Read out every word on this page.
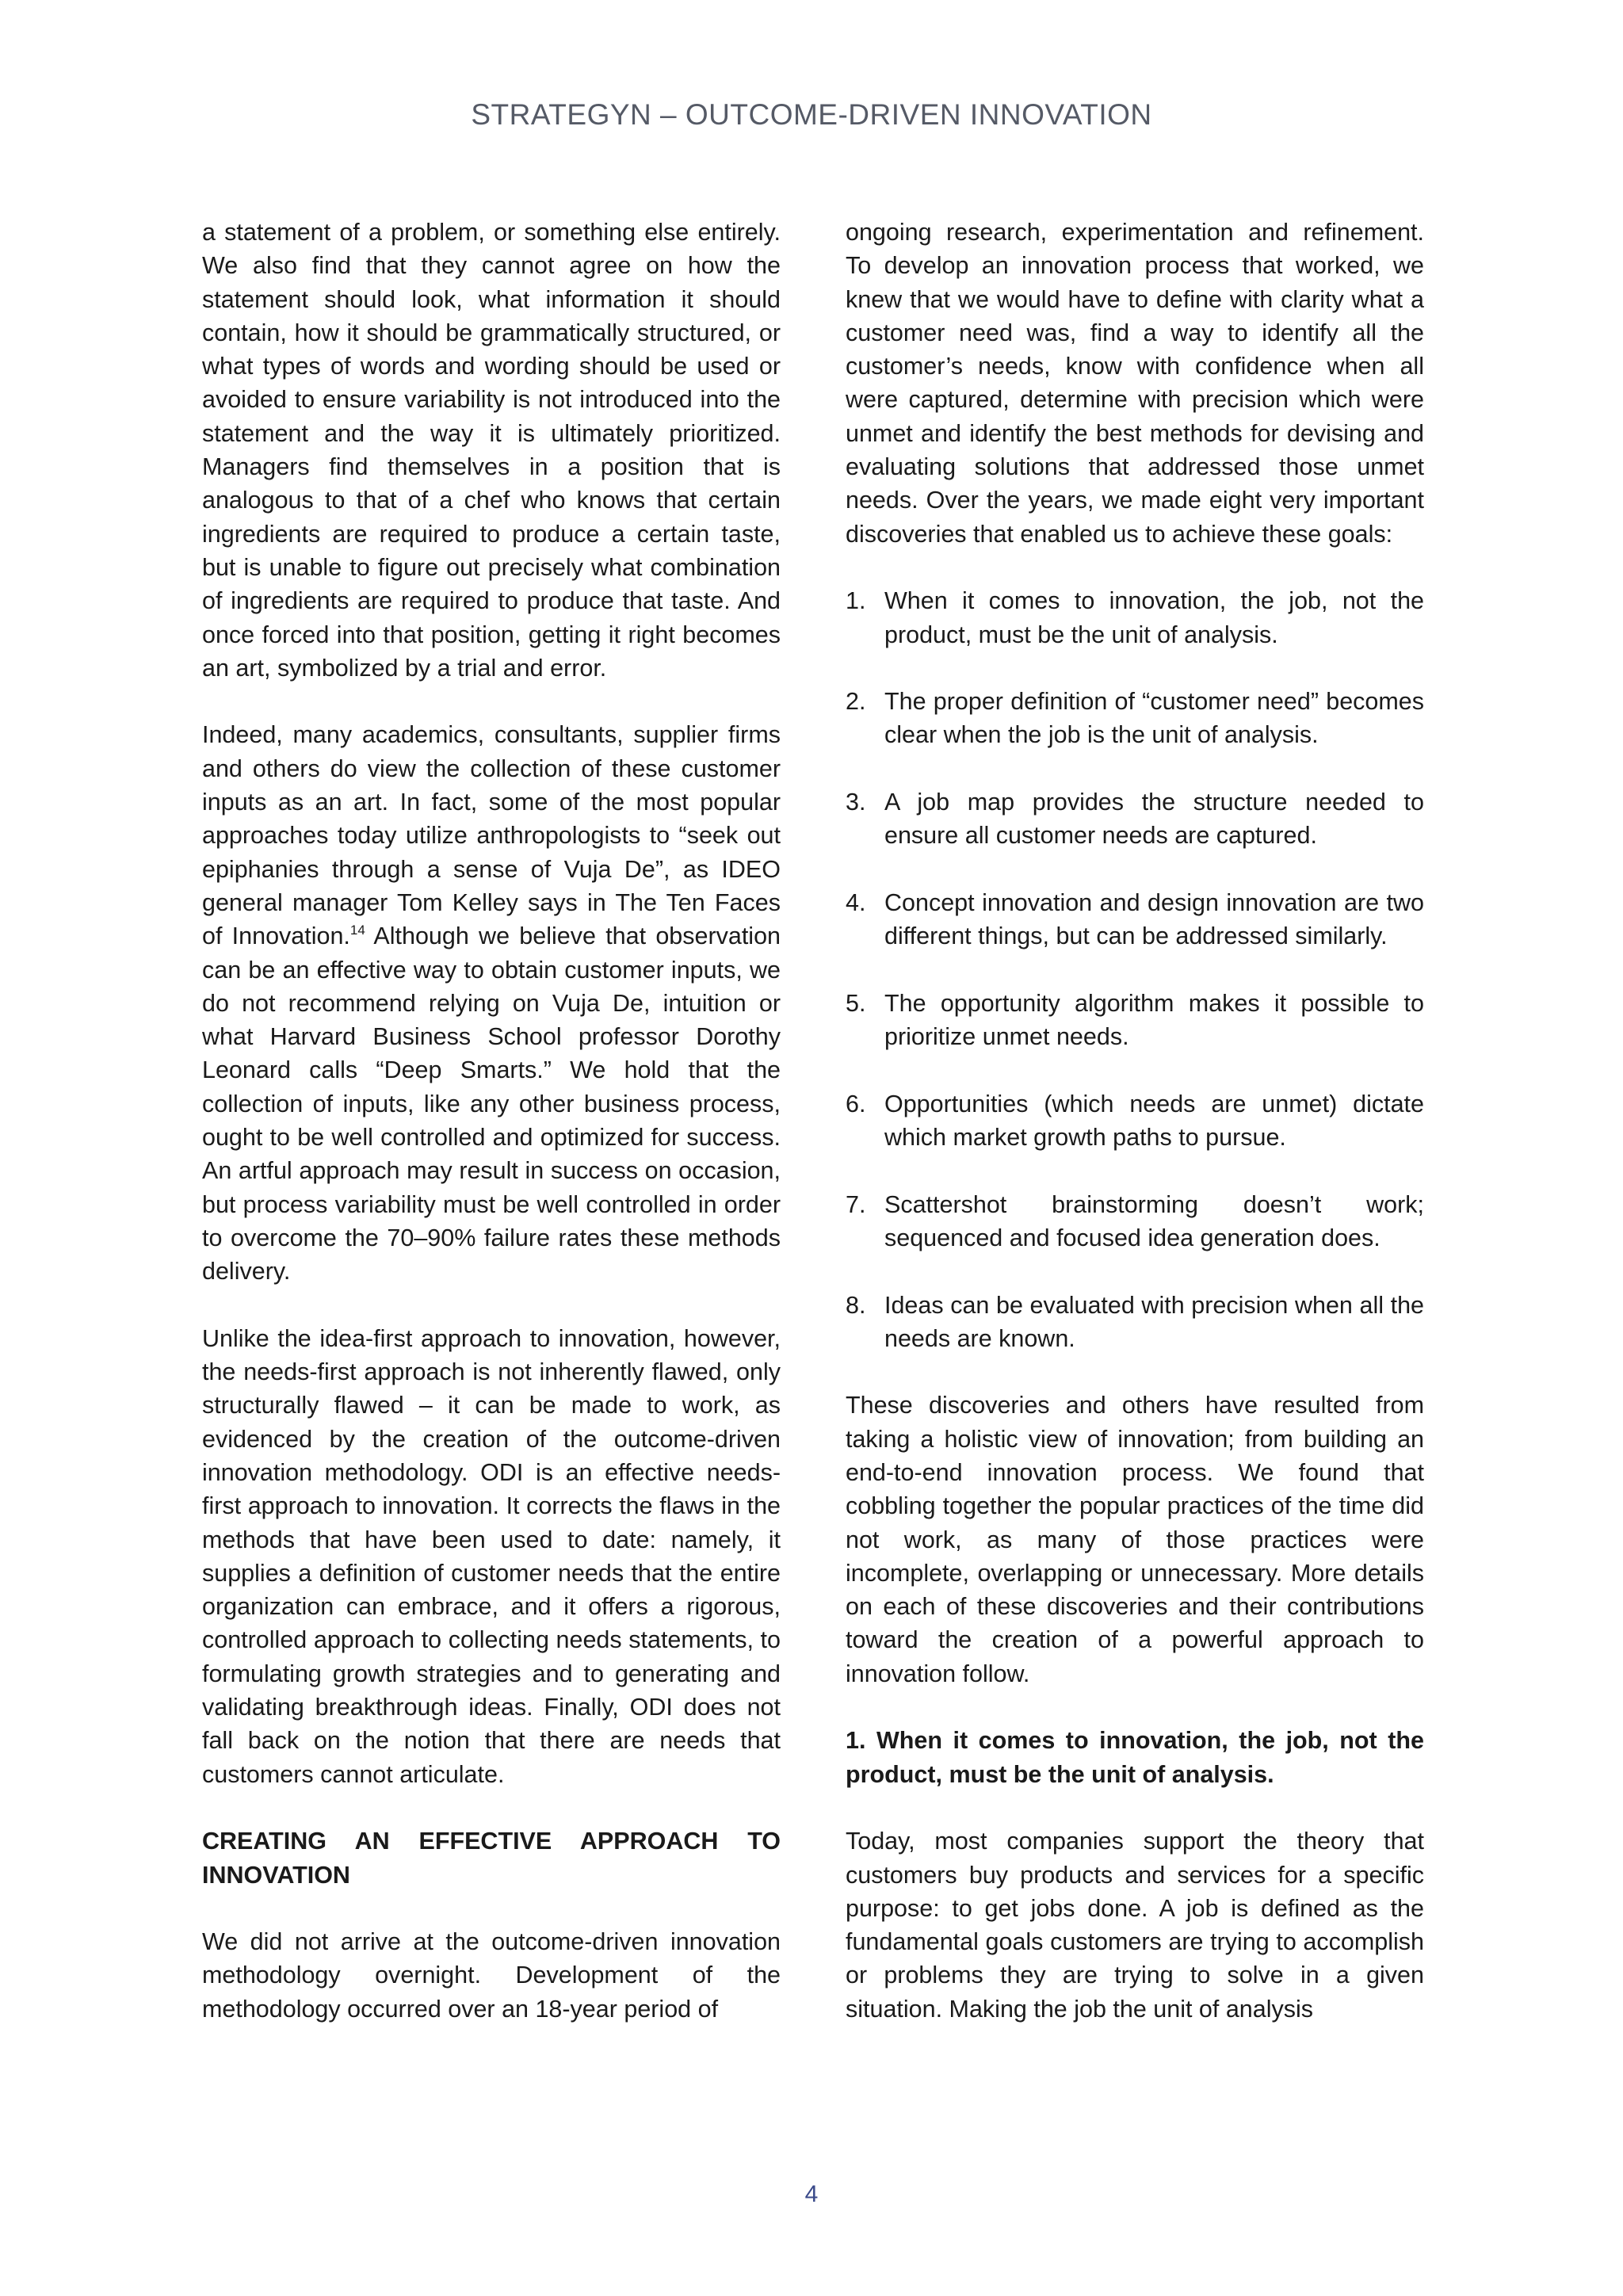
STRATEGYN – OUTCOME-DRIVEN INNOVATION

a statement of a problem, or something else entirely. We also find that they cannot agree on how the statement should look, what information it should contain, how it should be grammatically structured, or what types of words and wording should be used or avoided to ensure variability is not introduced into the statement and the way it is ultimately prioritized. Managers find themselves in a position that is analogous to that of a chef who knows that certain ingredients are required to produce a certain taste, but is unable to figure out precisely what combination of ingredients are required to produce that taste. And once forced into that position, getting it right becomes an art, symbolized by a trial and error.

Indeed, many academics, consultants, supplier firms and others do view the collection of these customer inputs as an art. In fact, some of the most popular approaches today utilize anthropologists to “seek out epiphanies through a sense of Vuja De”, as IDEO general manager Tom Kelley says in The Ten Faces of Innovation.$^{14}$ Although we believe that observation can be an effective way to obtain customer inputs, we do not recommend relying on Vuja De, intuition or what Harvard Business School professor Dorothy Leonard calls “Deep Smarts.” We hold that the collection of inputs, like any other business process, ought to be well controlled and optimized for success. An artful approach may result in success on occasion, but process variability must be well controlled in order to overcome the 70–90% failure rates these methods delivery.

Unlike the idea-first approach to innovation, however, the needs-first approach is not inherently flawed, only structurally flawed – it can be made to work, as evidenced by the creation of the outcome-driven innovation methodology. ODI is an effective needs-first approach to innovation. It corrects the flaws in the methods that have been used to date: namely, it supplies a definition of customer needs that the entire organization can embrace, and it offers a rigorous, controlled approach to collecting needs statements, to formulating growth strategies and to generating and validating breakthrough ideas. Finally, ODI does not fall back on the notion that there are needs that customers cannot articulate.

CREATING AN EFFECTIVE APPROACH TO INNOVATION

We did not arrive at the outcome-driven innovation methodology overnight. Development of the methodology occurred over an 18-year period of

ongoing research, experimentation and refinement. To develop an innovation process that worked, we knew that we would have to define with clarity what a customer need was, find a way to identify all the customer’s needs, know with confidence when all were captured, determine with precision which were unmet and identify the best methods for devising and evaluating solutions that addressed those unmet needs. Over the years, we made eight very important discoveries that enabled us to achieve these goals:

1. When it comes to innovation, the job, not the product, must be the unit of analysis.
2. The proper definition of “customer need” becomes clear when the job is the unit of analysis.
3. A job map provides the structure needed to ensure all customer needs are captured.
4. Concept innovation and design innovation are two different things, but can be addressed similarly.
5. The opportunity algorithm makes it possible to prioritize unmet needs.
6. Opportunities (which needs are unmet) dictate which market growth paths to pursue.
7. Scattershot brainstorming doesn’t work; sequenced and focused idea generation does.
8. Ideas can be evaluated with precision when all the needs are known.

These discoveries and others have resulted from taking a holistic view of innovation; from building an end-to-end innovation process. We found that cobbling together the popular practices of the time did not work, as many of those practices were incomplete, overlapping or unnecessary. More details on each of these discoveries and their contributions toward the creation of a powerful approach to innovation follow.

1. When it comes to innovation, the job, not the product, must be the unit of analysis.

Today, most companies support the theory that customers buy products and services for a specific purpose: to get jobs done. A job is defined as the fundamental goals customers are trying to accomplish or problems they are trying to solve in a given situation. Making the job the unit of analysis

4
